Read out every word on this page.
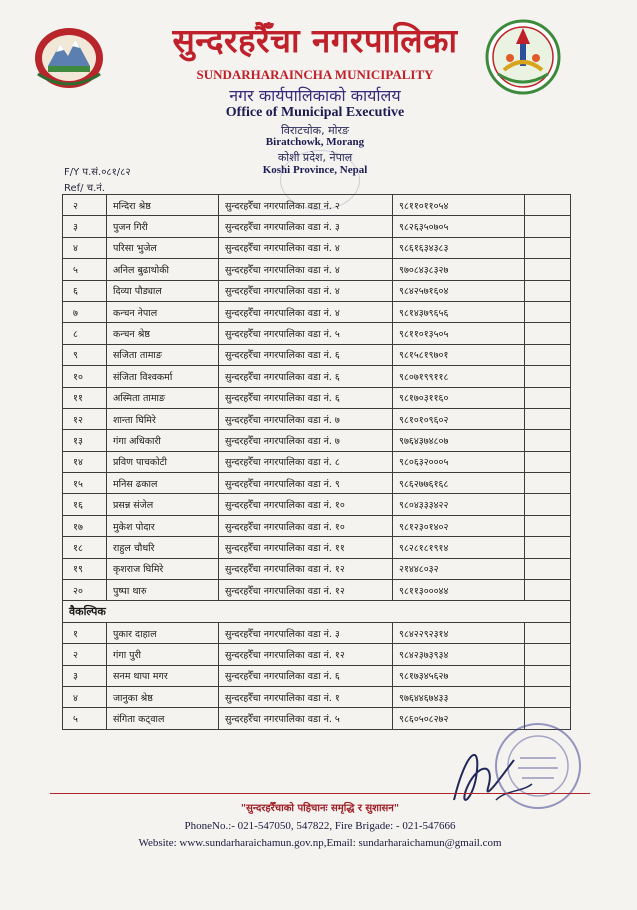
सुन्दरहरैँचा नगरपालिका
SUNDARHARAINCHA MUNICIPALITY
नगर कार्यपालिकाको कार्यालय
Office of Municipal Executive
विराटचोक, मोरङ
Biratchowk, Morang
कोशी प्रदेश, नेपाल
Koshi Province, Nepal
F/Y प.सं.०८१/८२
Ref/ च.नं.
२	मन्दिरा श्रेष्ठ	सुन्दरहरैँचा नगरपालिका वडा नं. २	९८११०११०५४	
३	पुजन गिरी	सुन्दरहरैँचा नगरपालिका वडा नं. ३	९८२६३५०७०५	
४	परिसा भुजेल	सुन्दरहरैँचा नगरपालिका वडा नं. ४	९८६१६३४३८३	
५	अनिल बुढाथोकी	सुन्दरहरैँचा नगरपालिका वडा नं. ४	९७०८४३८३२७	
६	दिव्या पौड्याल	सुन्दरहरैँचा नगरपालिका वडा नं. ४	९८४२५७१६०४	
७	कन्चन नेपाल	सुन्दरहरैँचा नगरपालिका वडा नं. ४	९८१४३७९६५६	
८	कन्चन श्रेष्ठ	सुन्दरहरैँचा नगरपालिका वडा नं. ५	९८११०१३५०५	
९	सजिता तामाङ	सुन्दरहरैँचा नगरपालिका वडा नं. ६	९८१५८१९७०१	
१०	संजिता विश्वकर्मा	सुन्दरहरैँचा नगरपालिका वडा नं. ६	९८०७१९९११८	
११	अस्मिता तामाङ	सुन्दरहरैँचा नगरपालिका वडा नं. ६	९८१७०३११६०	
१२	शान्ता घिमिरे	सुन्दरहरैँचा नगरपालिका वडा नं. ७	९८१०१०९६०२	
१३	गंगा अधिकारी	सुन्दरहरैँचा नगरपालिका वडा नं. ७	९७६४३७४८०७	
१४	प्रविण पाचकोटी	सुन्दरहरैँचा नगरपालिका वडा नं. ८	९८०६३२०००५	
१५	मनिस ढकाल	सुन्दरहरैँचा नगरपालिका वडा नं. ९	९८६२७७६१६८	
१६	प्रसन्न संजेल	सुन्दरहरैँचा नगरपालिका वडा नं. १०	९८०४३३३४२२	
१७	मुकेश पोदार	सुन्दरहरैँचा नगरपालिका वडा नं. १०	९८१२३०१४०२	
१८	राहुल चौधरि	सुन्दरहरैँचा नगरपालिका वडा नं. ११	९८२८१८१९१४	
१९	कृशराज घिमिरे	सुन्दरहरैँचा नगरपालिका वडा नं. १२	२१४४८०३२	
२०	पुष्पा थारु	सुन्दरहरैँचा नगरपालिका वडा नं. १२	९८११३०००४४	
वैकल्पिक				
१	पुकार दाहाल	सुन्दरहरैँचा नगरपालिका वडा नं. ३	९८४२२९२३१४	
२	गंगा पुरी	सुन्दरहरैँचा नगरपालिका वडा नं. १२	९८४२३७३९३४	
३	सनम थापा मगर	सुन्दरहरैँचा नगरपालिका वडा नं. ६	९८१७३४५६२७	
४	जानुका श्रेष्ठ	सुन्दरहरैँचा नगरपालिका वडा नं. १	९७६४४६७४३३	
५	संगिता कट्वाल	सुन्दरहरैँचा नगरपालिका वडा नं. ५	९८६०५०८२७२	
"सुन्दरहरैँचाको पहिचानः समृद्धि र सुशासन"
PhoneNo.:- 021-547050, 547822, Fire Brigade: - 021-547666
Website: www.sundarharaichamun.gov.np,Email: sundarharaichamun@gmail.com
